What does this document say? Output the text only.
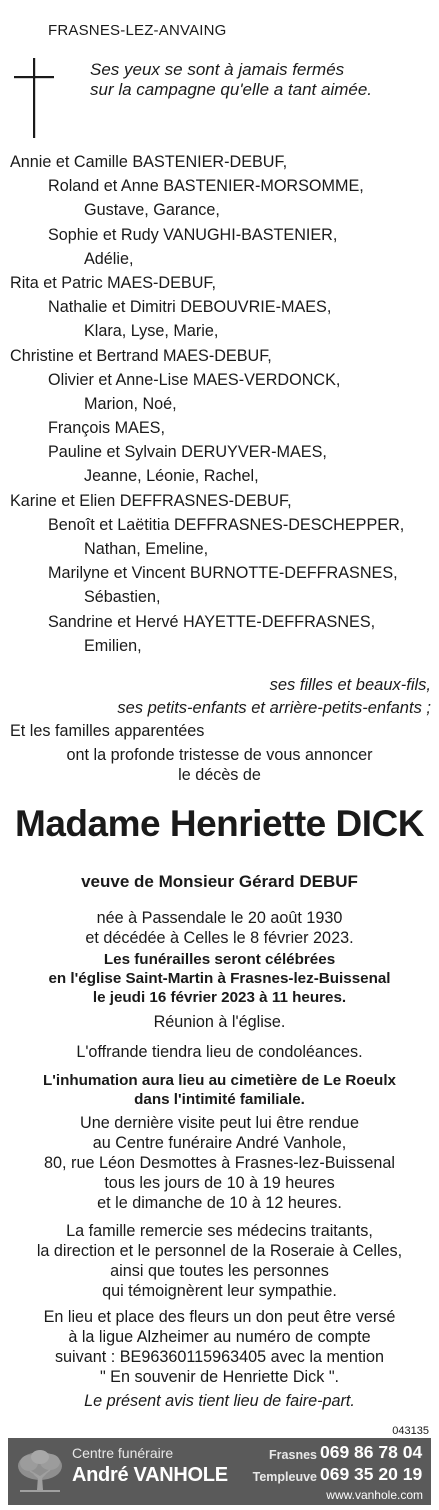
FRASNES-LEZ-ANVAING
Ses yeux se sont à jamais fermés
sur la campagne qu'elle a tant aimée.
Annie et Camille BASTENIER-DEBUF,
Roland et Anne BASTENIER-MORSOMME,
Gustave, Garance,
Sophie et Rudy VANUGHI-BASTENIER,
Adélie,
Rita et Patric MAES-DEBUF,
Nathalie et Dimitri DEBOUVRIE-MAES,
Klara, Lyse, Marie,
Christine et Bertrand MAES-DEBUF,
Olivier et Anne-Lise MAES-VERDONCK,
Marion, Noé,
François MAES,
Pauline et Sylvain DERUYVER-MAES,
Jeanne, Léonie, Rachel,
Karine et Elien DEFFRASNES-DEBUF,
Benoît et Laëtitia DEFFRASNES-DESCHEPPER,
Nathan, Emeline,
Marilyne et Vincent BURNOTTE-DEFFRASNES,
Sébastien,
Sandrine et Hervé HAYETTE-DEFFRASNES,
Emilien,
ses filles et beaux-fils,
ses petits-enfants et arrière-petits-enfants ;
Et les familles apparentées
ont la profonde tristesse de vous annoncer
le décès de
Madame Henriette DICK
veuve de Monsieur Gérard DEBUF
née à Passendale le 20 août 1930
et décédée à Celles le 8 février 2023.
Les funérailles seront célébrées
en l'église Saint-Martin à Frasnes-lez-Buissenal
le jeudi 16 février 2023 à 11 heures.
Réunion à l'église.
L'offrande tiendra lieu de condoléances.
L'inhumation aura lieu au cimetière de Le Roeulx
dans l'intimité familiale.
Une dernière visite peut lui être rendue
au Centre funéraire André Vanhole,
80, rue Léon Desmottes à Frasnes-lez-Buissenal
tous les jours de 10 à 19 heures
et le dimanche de 10 à 12 heures.
La famille remercie ses médecins traitants,
la direction et le personnel de la Roseraie à Celles,
ainsi que toutes les personnes
qui témoignèrent leur sympathie.
En lieu et place des fleurs un don peut être versé
à la ligue Alzheimer au numéro de compte
suivant : BE96360115963405 avec la mention
" En souvenir de Henriette Dick ".
Le présent avis tient lieu de faire-part.
043135
Centre funéraire
André VANHOLE
Frasnes 069 86 78 04
Templeuve 069 35 20 19
www.vanhole.com
